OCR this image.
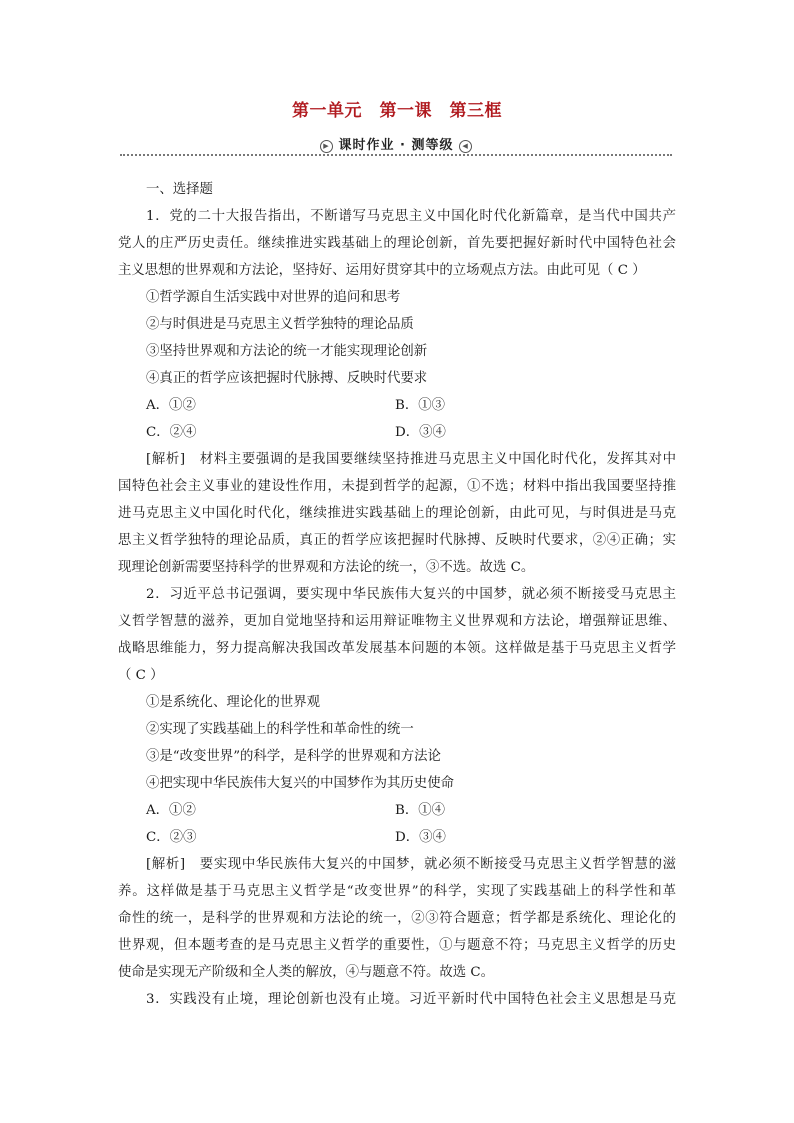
第一单元　第一课　第三框
▶ 课时作业 · 测等级 ◀
一、选择题
1．党的二十大报告指出，不断谱写马克思主义中国化时代化新篇章，是当代中国共产
党人的庄严历史责任。继续推进实践基础上的理论创新，首先要把握好新时代中国特色社会
主义思想的世界观和方法论，坚持好、运用好贯穿其中的立场观点方法。由此可见（ C ）
①哲学源自生活实践中对世界的追问和思考
②与时俱进是马克思主义哲学独特的理论品质
③坚持世界观和方法论的统一才能实现理论创新
④真正的哲学应该把握时代脉搏、反映时代要求
A．①②	B．①③
C．②④	D．③④
[解析]　材料主要强调的是我国要继续坚持推进马克思主义中国化时代化，发挥其对中
国特色社会主义事业的建设性作用，未提到哲学的起源，①不选；材料中指出我国要坚持推
进马克思主义中国化时代化，继续推进实践基础上的理论创新，由此可见，与时俱进是马克
思主义哲学独特的理论品质，真正的哲学应该把握时代脉搏、反映时代要求，②④正确；实
现理论创新需要坚持科学的世界观和方法论的统一，③不选。故选 C。
2．习近平总书记强调，要实现中华民族伟大复兴的中国梦，就必须不断接受马克思主
义哲学智慧的滋养，更加自觉地坚持和运用辩证唯物主义世界观和方法论，增强辩证思维、
战略思维能力，努力提高解决我国改革发展基本问题的本领。这样做是基于马克思主义哲学
（ C ）
①是系统化、理论化的世界观
②实现了实践基础上的科学性和革命性的统一
③是“改变世界”的科学，是科学的世界观和方法论
④把实现中华民族伟大复兴的中国梦作为其历史使命
A．①②	B．①④
C．②③	D．③④
[解析]　要实现中华民族伟大复兴的中国梦，就必须不断接受马克思主义哲学智慧的滋
养。这样做是基于马克思主义哲学是“改变世界”的科学，实现了实践基础上的科学性和革
命性的统一，是科学的世界观和方法论的统一，②③符合题意；哲学都是系统化、理论化的
世界观，但本题考查的是马克思主义哲学的重要性，①与题意不符；马克思主义哲学的历史
使命是实现无产阶级和全人类的解放，④与题意不符。故选 C。
3．实践没有止境，理论创新也没有止境。习近平新时代中国特色社会主义思想是马克
